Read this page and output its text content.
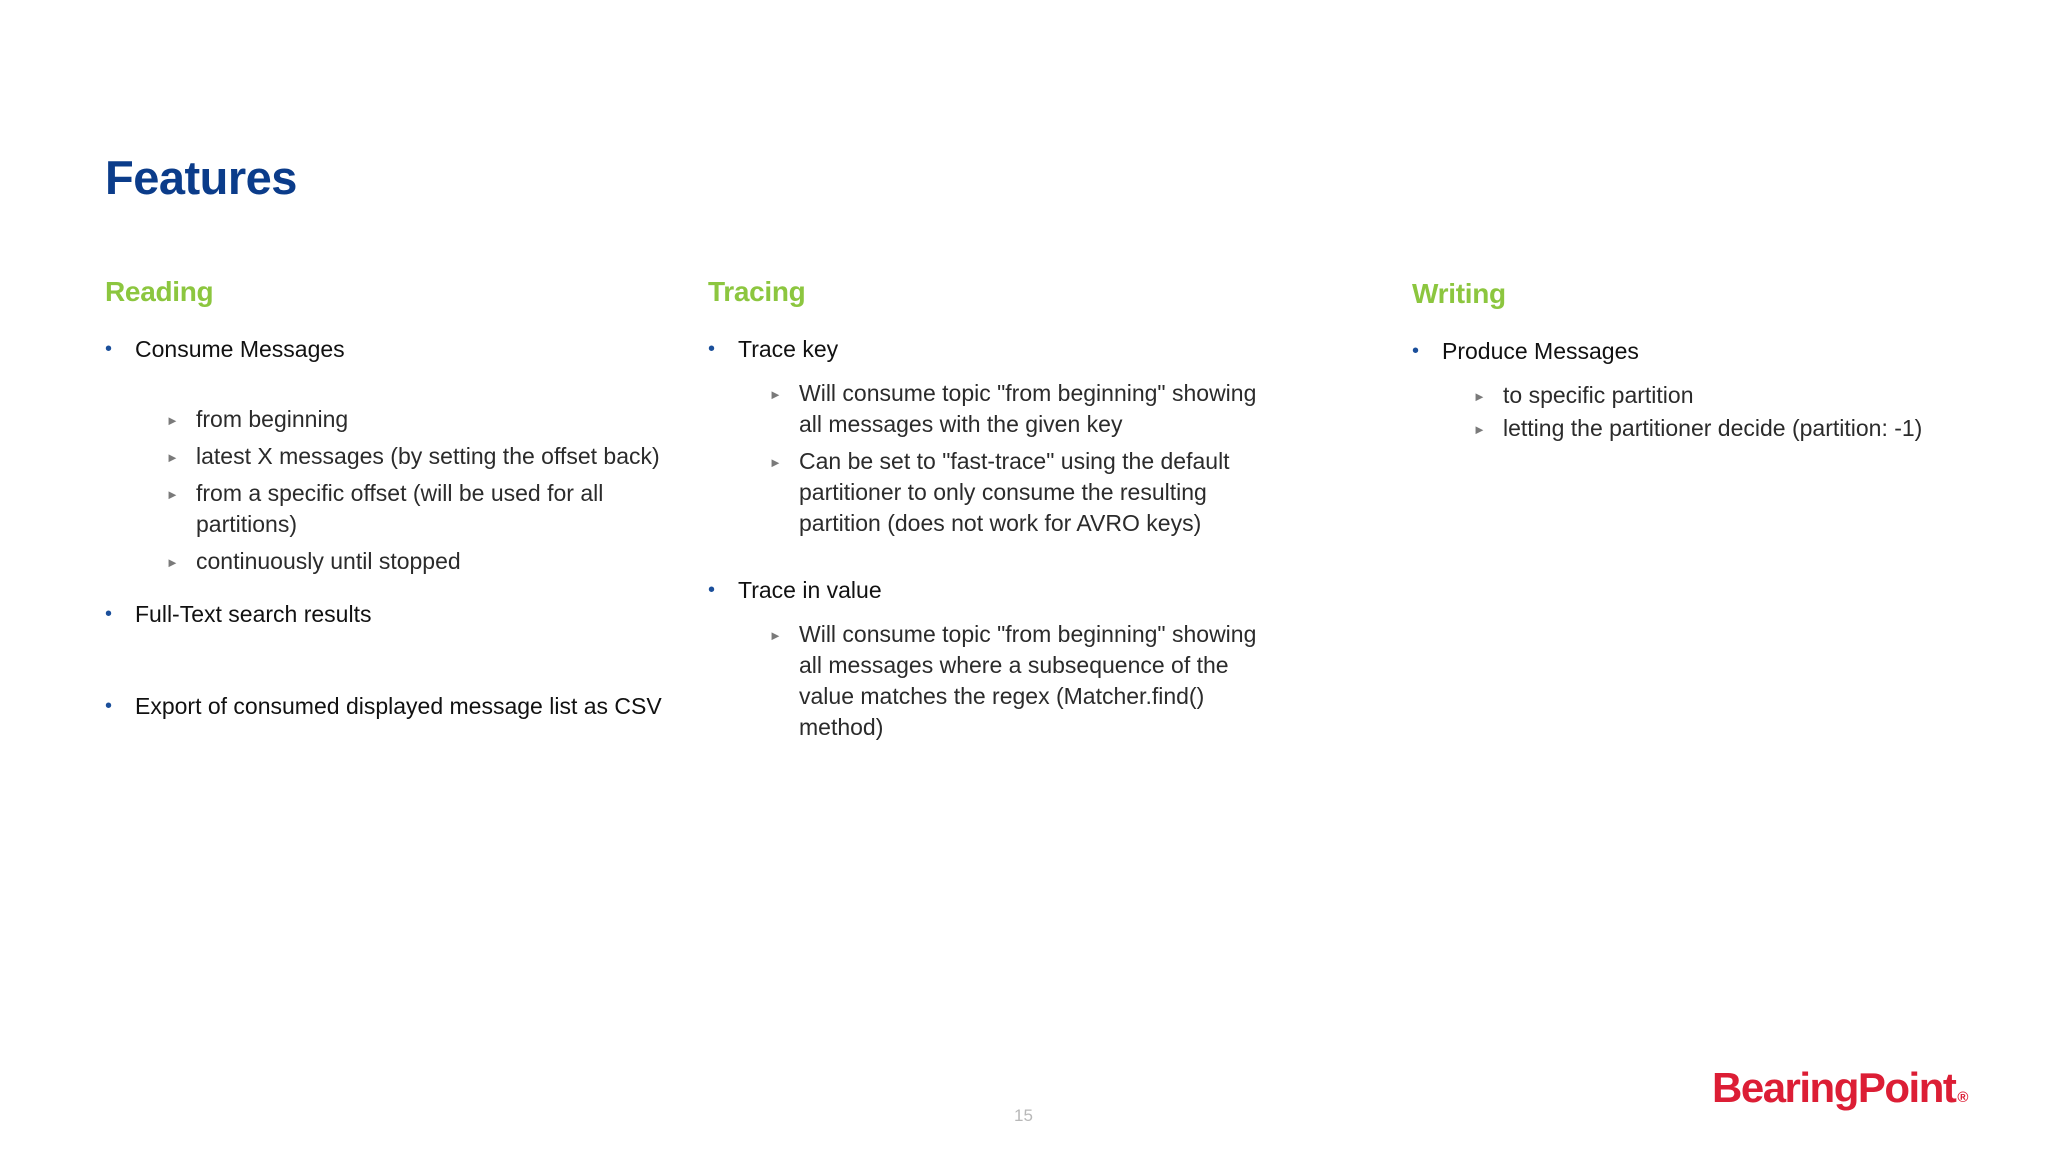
Features
Reading
• Consume Messages
► from beginning
► latest X messages (by setting the offset back)
► from a specific offset (will be used for all partitions)
► continuously until stopped
• Full-Text search results
• Export of consumed displayed message list as CSV
Tracing
• Trace key
► Will consume topic "from beginning" showing all messages with the given key
► Can be set to "fast-trace" using the default partitioner to only consume the resulting partition (does not work for AVRO keys)
• Trace in value
► Will consume topic "from beginning" showing all messages where a subsequence of the value matches the regex (Matcher.find() method)
Writing
• Produce Messages
► to specific partition
► letting the partitioner decide (partition: -1)
15
BearingPoint ®
